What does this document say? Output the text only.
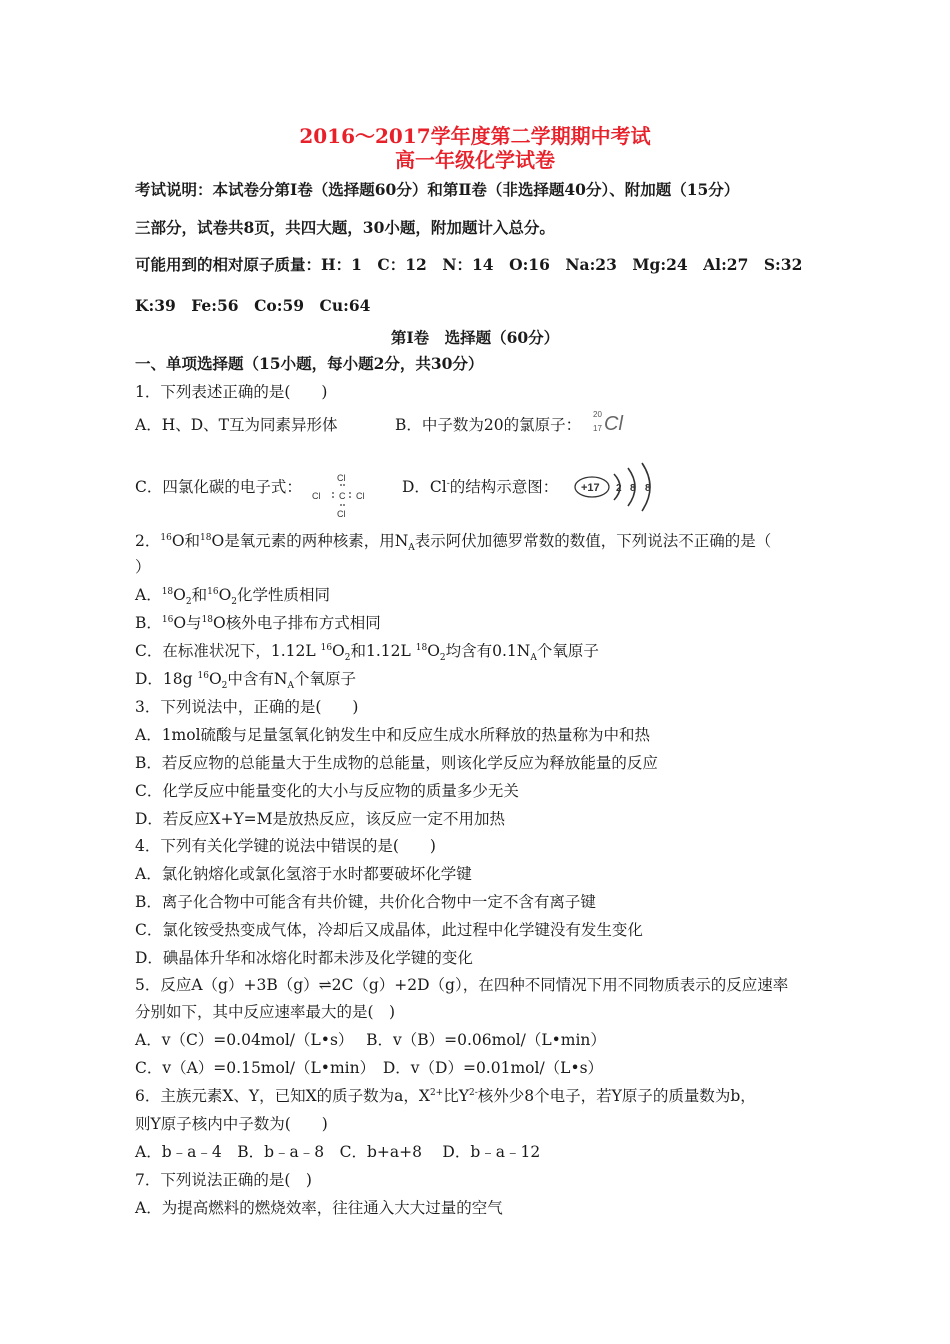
2016～2017学年度第二学期期中考试
高一年级化学试卷
考试说明：本试卷分第Ⅰ卷（选择题60分）和第Ⅱ卷（非选择题40分）、附加题（15分）
三部分，试卷共8页，共四大题，30小题，附加题计入总分。
可能用到的相对原子质量：H：1　C：12　N：14　O:16　Na:23　Mg:24　Al:27　S:32
K:39　Fe:56　Co:59　Cu:64
第Ⅰ卷　选择题（60分）
一、单项选择题（15小题，每小题2分，共30分）
1．下列表述正确的是(　　)
A．H、D、T互为同素异形体	B．中子数为20的氯原子：
20
17 Cl
C．四氯化碳的电子式：	Cl
Cl C Cl
Cl
D．Cl-的结构示意图： +17 2 8 8
2．$^{16}$O和$^{18}$O是氧元素的两种核素，用$N_A$表示阿伏加德罗常数的数值，下列说法不正确的是（
）
A．$^{18}O_2$和$^{16}O_2$化学性质相同
B．$^{16}$O与$^{18}$O核外电子排布方式相同
C．在标准状况下，1.12L $^{16}O_2$和1.12L $^{18}O_2$均含有$0.1N_A$个氧原子
D．18g $^{16}O_2$中含有$N_A$个氧原子
3．下列说法中，正确的是(　　)
A．1mol硫酸与足量氢氧化钠发生中和反应生成水所释放的热量称为中和热
B．若反应物的总能量大于生成物的总能量，则该化学反应为释放能量的反应
C．化学反应中能量变化的大小与反应物的质量多少无关
D．若反应X+Y=M是放热反应，该反应一定不用加热
4．下列有关化学键的说法中错误的是(　　)
A．氯化钠熔化或氯化氢溶于水时都要破坏化学键
B．离子化合物中可能含有共价键，共价化合物中一定不含有离子键
C．氯化铵受热变成气体，冷却后又成晶体，此过程中化学键没有发生变化
D．碘晶体升华和冰熔化时都未涉及化学键的变化
5．反应A（g）+3B（g）⇌2C（g）+2D（g），在四种不同情况下用不同物质表示的反应速率
分别如下，其中反应速率最大的是(　)
A．v（C）=0.04mol/（L•s）　 B．v（B）=0.06mol/（L•min）
C．v（A）=0.15mol/（L•min）　D．v（D）=0.01mol/（L•s）
6．主族元素X、Y，已知X的质子数为a，$X^{2+}$比$Y^{2-}$核外少8个电子，若Y原子的质量数为b，
则Y原子核内中子数为(　　)
A．b﹣a﹣4　B．b﹣a﹣8　C．b+a+8　 D．b﹣a﹣12
7．下列说法正确的是(　)
A．为提高燃料的燃烧效率，往往通入大大过量的空气
